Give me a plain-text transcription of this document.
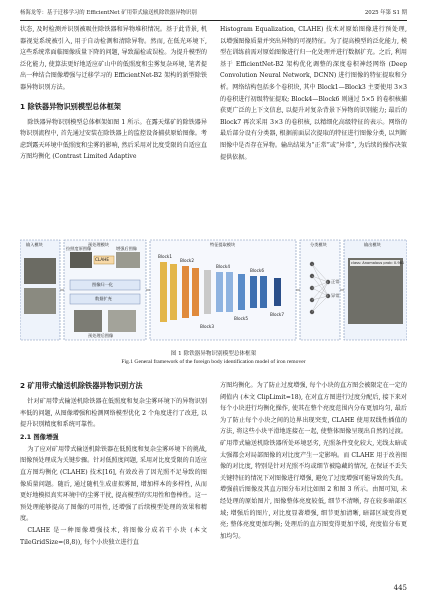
杨海龙等：基于迁移学习的 EfficientNet 矿用带式输送机除铁器异物识别	2025 年第 S1 期

状态, 及时检测并识别被吸住除铁器和异物堆积情况。基于此背景, 机器视觉系统被引入, 用于自动检测和清除异物。然而, 在低光环境下, 这些系统常面临图像质量下降的问题, 导致漏检或误检。为提升模型的泛化能力, 使算法更好地适应矿山中的低照度和尘雾复杂环境, 笔者提出一种结合图像增强与迁移学习的 EfficientNet-B2 架构的新型除铁器异物识别方法。

1 除铁器异物识别模型总体框架

除铁器异物识别模型总体框架如图 1 所示。在露天煤矿的除铁器异物识别流程中, 首先通过安装在除铁器上的监控设备捕获原始图像。考虑到露天环境中低照度和尘雾的影响, 然后采用对比度受限的自适应直方图均衡化 (Contrast Limited Adaptive

Histogram Equalization, CLAHE) 技术对原始图像进行预处理, 以增强图像质量并突出异物的可视特征。为了提高模型的泛化能力, 模型在训练前需对原始图像进行归一化处理并进行数据扩充。之后, 利用基于 EfficientNet-B2 架构优化调整的深度卷积神经网络 (Deep Convolution Neural Network, DCNN) 进行图像的特征提取和分析。网络结构包括多个卷积块, 其中 Block1—Block3 主要使用 3×3 的卷积进行初级特征提取; Block4—Block6 则通过 5×5 的卷积核捕获更广泛的上下文信息, 以提升对复杂背景下异物的识别能力; 最后的 Block7 再次采用 3×3 的卷积核, 以精细化高级特征的表示。网络的最后部分设有分类器, 根据前面层次提取的特征进行图像分类, 以判断图像中是否存在异物。输出结果为“正常”或“异常”, 为后续的操作决策提供依据。

输入模块	预处理模块
拉照度原图像	增强后图像
CLAHE
图像归一化
数据扩充
预处理后图像
特征提取模块
Block1
Block2
Block3
Block4
Block5
Block6
Block7
分类模块
正常
异常
输出模块
class: Anomalous prob: 0.981
图 1 除铁器异物识别模型总体框架
Fig.1 General framework of the foreign body identification model of iron remover
2 矿用带式输送机除铁器异物识别方法

针对矿用带式输送机除铁器在低照度和复杂尘雾环境下的异物识别率低的问题, 从图像增强和检测网络模型优化 2 个角度进行了改进, 以提升识别精度和系统可靠性。

2.1 图像增强

为了应对矿用带式输送机除铁器在低照度和复杂尘雾环境下的挑战, 图像预处理成为关键步骤。针对低照度问题, 采用对比度受限的自适应直方图均衡化 (CLAHE) 技术[16], 有效改善了因光照不足导致的图像质量问题。随后, 通过随机生成虚拟雾图, 增加样本的多样性, 从而更好地模拟真实环境中的尘雾干扰, 提高模型的实用性和鲁棒性。这一预处理能够提高了图像的可用性, 还增强了后续模型处理的效果和精度。

CLAHE 是一种图像增强技术, 将图像分成若干小块 (本文 TileGridSize=(8,8)), 每个小块独立进行直

方图均衡化。为了防止过度增强, 每个小块的直方图会被限定在一定的阈值内 (本文 ClipLimit=18), 在对直方图进行过度分配后, 接下来对每个小块进行均衡化操作, 使其在整个亮度范围内分布更加均匀, 最后为了防止每个小块之间的边界出现突变, CLAHE 使用双线性插值的方法, 将这些小块平滑地连接在一起, 使整体图像呈现出自然的过渡。矿用带式输送机除铁器所处环境恶劣, 光照条件变化较大, 光线太暗或太强都会对局部图像的对比度产生一定影响。而 CLAHE 用于改善图像的对比度, 特别是针对光照不均或细节被隐藏的情况, 在保证不丢失关键特征的情况下对图像进行增强, 避免了过度增强可能导致的失真。增强前后图像及其直方图分布对比如图 2 和图 3 所示。由图可知, 未经处理的原始图片, 图像整体亮度较低, 细节不清晰, 存在较多暗部区域; 增强后的图片, 对比度显著增强, 细节更加清晰, 暗部区域变得更亮; 整体亮度更加均衡; 处理后的直方图变得更加平缓, 亮度值分布更加均匀。

445
